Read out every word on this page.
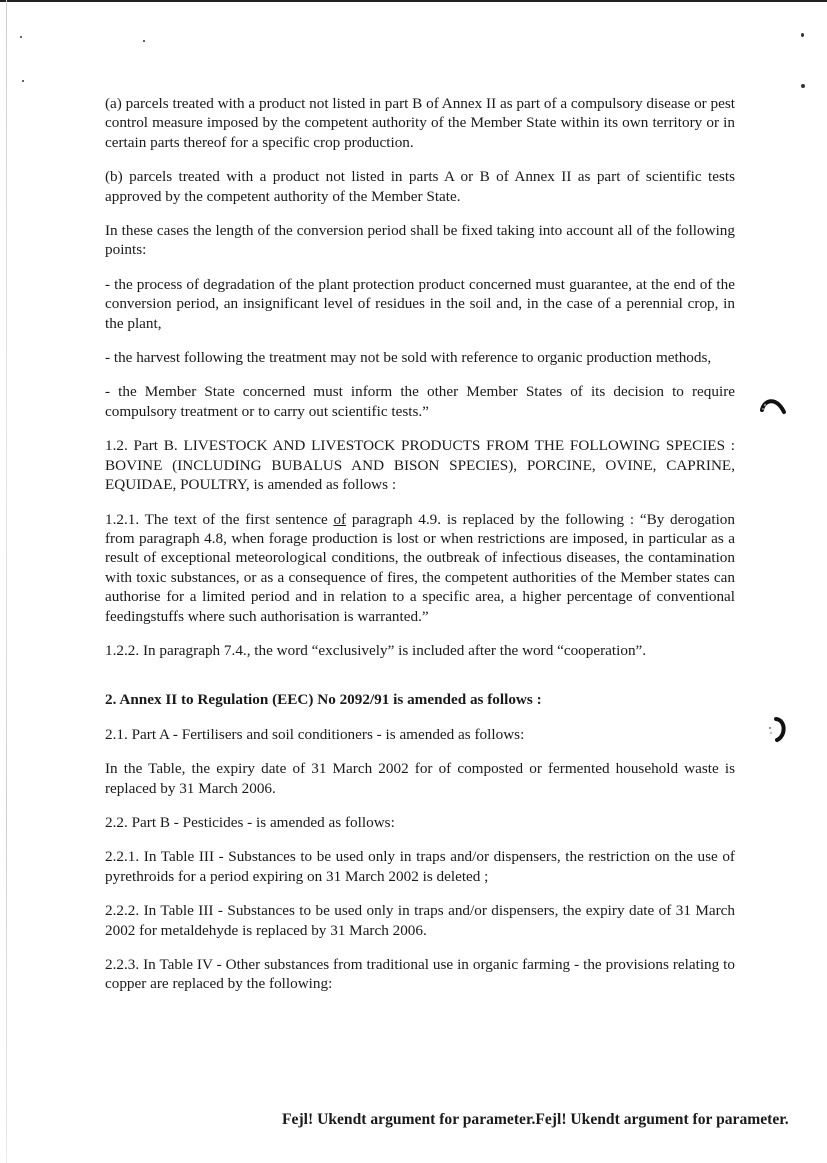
(a) parcels treated with a product not listed in part B of Annex II as part of a compulsory disease or pest control measure imposed by the competent authority of the Member State within its own territory or in certain parts thereof for a specific crop production.

(b) parcels treated with a product not listed in parts A or B of Annex II as part of scientific tests approved by the competent authority of the Member State.

In these cases the length of the conversion period shall be fixed taking into account all of the following points:

- the process of degradation of the plant protection product concerned must guarantee, at the end of the conversion period, an insignificant level of residues in the soil and, in the case of a perennial crop, in the plant,

- the harvest following the treatment may not be sold with reference to organic production methods,

- the Member State concerned must inform the other Member States of its decision to require compulsory treatment or to carry out scientific tests.”

1.2. Part B. LIVESTOCK AND LIVESTOCK PRODUCTS FROM THE FOLLOWING SPECIES : BOVINE (INCLUDING BUBALUS AND BISON SPECIES), PORCINE, OVINE, CAPRINE, EQUIDAE, POULTRY, is amended as follows :

1.2.1. The text of the first sentence of paragraph 4.9. is replaced by the following : “By derogation from paragraph 4.8, when forage production is lost or when restrictions are imposed, in particular as a result of exceptional meteorological conditions, the outbreak of infectious diseases, the contamination with toxic substances, or as a consequence of fires, the competent authorities of the Member states can authorise for a limited period and in relation to a specific area, a higher percentage of conventional feedingstuffs where such authorisation is warranted.”

1.2.2. In paragraph 7.4., the word “exclusively” is included after the word “cooperation”.

2. Annex II to Regulation (EEC) No 2092/91 is amended as follows :

2.1. Part A - Fertilisers and soil conditioners - is amended as follows:

In the Table, the expiry date of 31 March 2002 for of composted or fermented household waste is replaced by 31 March 2006.

2.2. Part B - Pesticides - is amended as follows:

2.2.1. In Table III - Substances to be used only in traps and/or dispensers, the restriction on the use of pyrethroids for a period expiring on 31 March 2002 is deleted ;

2.2.2. In Table III - Substances to be used only in traps and/or dispensers, the expiry date of 31 March 2002 for metaldehyde is replaced by 31 March 2006.

2.2.3. In Table IV - Other substances from traditional use in organic farming - the provisions relating to copper are replaced by the following:

Fejl! Ukendt argument for parameter.Fejl! Ukendt argument for parameter.
